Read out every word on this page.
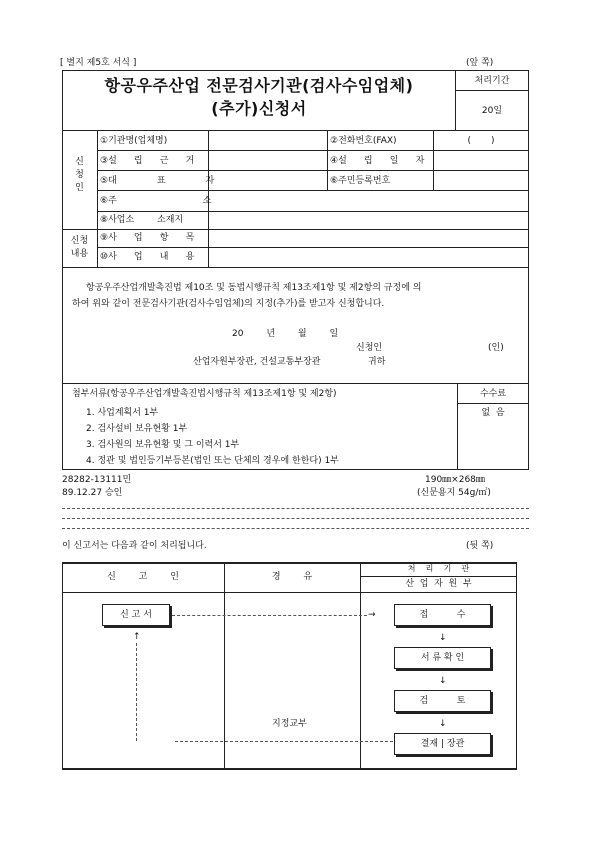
[ 별지 제5호 서식 ]	(앞 쪽)
항공우주산업 전문검사기관(검사수임업체)
(추가)신청서
처리기간
20일
신
청
인
①기관명(업체명)	②전화번호(FAX)	(       )
③설      립      근      거	④설      립      일      자
⑤대              표              자	⑥주민등록번호
⑥주                              소
⑧사업소        소재지
신청
내용
⑨사      업      항      목
⑩사      업      내      용
항공우주산업개발촉진법 제10조 및 동법시행규칙 제13조제1항 및 제2항의 규정에 의
하여 위와 같이 전문검사기관(검사수임업체)의 지정(추가)를 받고자 신청합니다.
20        년        월        일
신청인	(인)
산업자원부장관, 건설교통부장관	귀하
첨부서류(항공우주산업개발촉진법시행규칙 제13조제1항 및 제2항)	수수료
없  음
1. 사업계획서 1부
2. 검사설비 보유현황 1부
3. 검사원의 보유현황 및 그 이력서 1부
4. 정관 및 법인등기부등본(법인 또는 단체의 경우에 한한다) 1부
28282-13111민
89.12.27 승인
190㎜×268㎜
(신문용지 54g/㎡)
이 신고서는 다음과 같이 처리됩니다.	(뒷 쪽)
신        고        인	경        유
처    리    기    관
산  업  자  원  부
신 고 서	접          수
서 류 확 인
검          토
결재 | 장관
→
↓
↓
↓
↑
지정교부
